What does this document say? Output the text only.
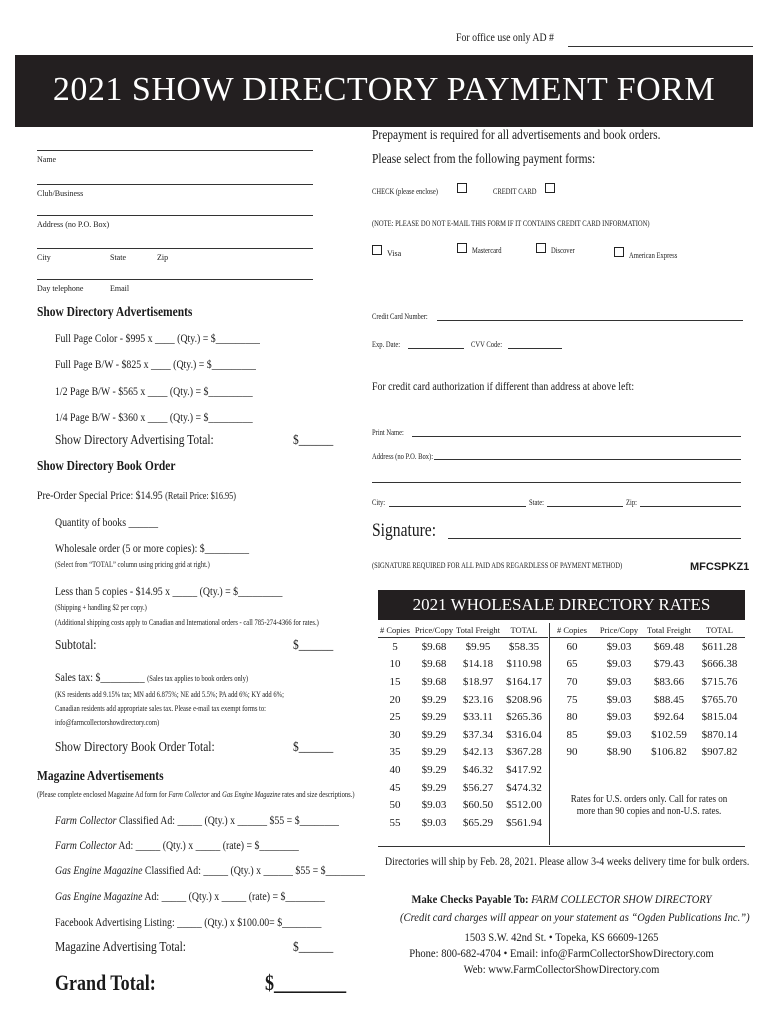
For office use only AD #
2021 SHOW DIRECTORY PAYMENT FORM
Name
Club/Business
Address (no P.O. Box)
City	State	Zip
Day telephone	Email
Show Directory Advertisements
Full Page Color - $995 x ____ (Qty.) = $_________
Full Page B/W - $825 x ____ (Qty.) = $_________
1/2 Page B/W - $565 x ____ (Qty.) = $_________
1/4 Page B/W - $360 x ____ (Qty.) = $_________
Show Directory Advertising Total:	$______
Show Directory Book Order
Pre-Order Special Price: $14.95 (Retail Price: $16.95)
Quantity of books ______
Wholesale order (5 or more copies): $_________
(Select from “TOTAL” column using pricing grid at right.)
Less than 5 copies - $14.95 x _____ (Qty.) = $_________
(Shipping + handling $2 per copy.)
(Additional shipping costs apply to Canadian and International orders - call 785-274-4366 for rates.)
Subtotal:	$______
Sales tax: $_________ (Sales tax applies to book orders only)
(KS residents add 9.15% tax; MN add 6.875%; NE add 5.5%; PA add 6%; KY add 6%;
Canadian residents add appropriate sales tax. Please e-mail tax exempt forms to:
info@farmcollectorshowdirectory.com)
Show Directory Book Order Total:	$______
Magazine Advertisements
(Please complete enclosed Magazine Ad form for Farm Collector and Gas Engine Magazine rates and size descriptions.)
Farm Collector Classified Ad: _____ (Qty.) x ______ $55 = $________
Farm Collector Ad: _____ (Qty.) x _____ (rate) = $________
Gas Engine Magazine Classified Ad: _____ (Qty.) x ______ $55 = $________
Gas Engine Magazine Ad: _____ (Qty.) x _____ (rate) = $________
Facebook Advertising Listing: _____ (Qty.) x $100.00= $________
Magazine Advertising Total:	$______
Grand Total:	$________
Prepayment is required for all advertisements and book orders.
Please select from the following payment forms:
CHECK (please enclose)	CREDIT CARD
(NOTE: PLEASE DO NOT E-MAIL THIS FORM IF IT CONTAINS CREDIT CARD INFORMATION)
Visa	Mastercard	Discover
American Express
Credit Card Number:
Exp. Date:	CVV Code:
For credit card authorization if different than address at above left:
Print Name:
Address (no P.O. Box):
City:	State:	Zip:
Signature:
(SIGNATURE REQUIRED FOR ALL PAID ADS REGARDLESS OF PAYMENT METHOD)	MFCSPKZ1
2021 WHOLESALE DIRECTORY RATES
# Copies	Price/Copy	Total Freight	TOTAL
5	$9.68	$9.95	$58.35
10	$9.68	$14.18	$110.98
15	$9.68	$18.97	$164.17
20	$9.29	$23.16	$208.96
25	$9.29	$33.11	$265.36
30	$9.29	$37.34	$316.04
35	$9.29	$42.13	$367.28
40	$9.29	$46.32	$417.92
45	$9.29	$56.27	$474.32
50	$9.03	$60.50	$512.00
55	$9.03	$65.29	$561.94
# Copies	Price/Copy	Total Freight	TOTAL
60	$9.03	$69.48	$611.28
65	$9.03	$79.43	$666.38
70	$9.03	$83.66	$715.76
75	$9.03	$88.45	$765.70
80	$9.03	$92.64	$815.04
85	$9.03	$102.59	$870.14
90	$8.90	$106.82	$907.82
Rates for U.S. orders only. Call for rates on
more than 90 copies and non-U.S. rates.
Directories will ship by Feb. 28, 2021. Please allow 3-4 weeks delivery time for bulk orders.
Make Checks Payable To: FARM COLLECTOR SHOW DIRECTORY
(Credit card charges will appear on your statement as “Ogden Publications Inc.”)
1503 S.W. 42nd St. • Topeka, KS 66609-1265
Phone: 800-682-4704 • Email: info@FarmCollectorShowDirectory.com
Web: www.FarmCollectorShowDirectory.com
